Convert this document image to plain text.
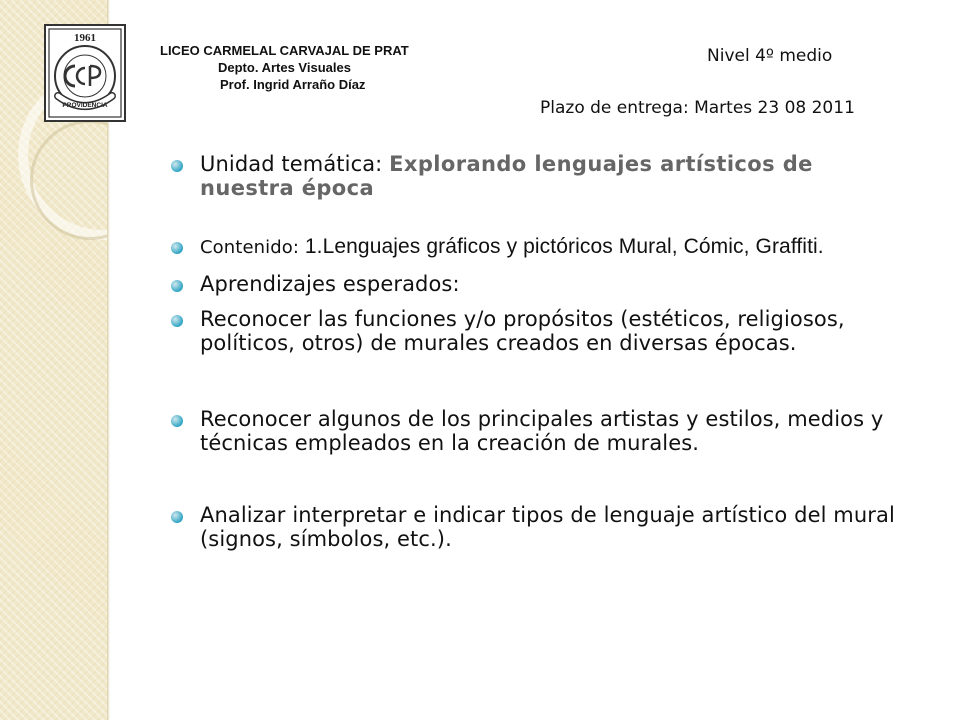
1961
PROVIDENCIA
LICEO CARMELAL CARVAJAL DE PRAT
Depto. Artes Visuales
Prof. Ingrid Arraño Díaz
Nivel 4º medio
Plazo de entrega: Martes 23 08 2011
Unidad temática: Explorando lenguajes artísticos de nuestra época
Contenido: 1.Lenguajes gráficos y pictóricos Mural, Cómic, Graffiti.
Aprendizajes esperados:
Reconocer las funciones y/o propósitos (estéticos, religiosos, políticos, otros) de murales creados en diversas épocas.
Reconocer algunos de los principales artistas y estilos, medios y técnicas empleados en la creación de murales.
Analizar interpretar e indicar tipos de lenguaje artístico del mural (signos, símbolos, etc.).
